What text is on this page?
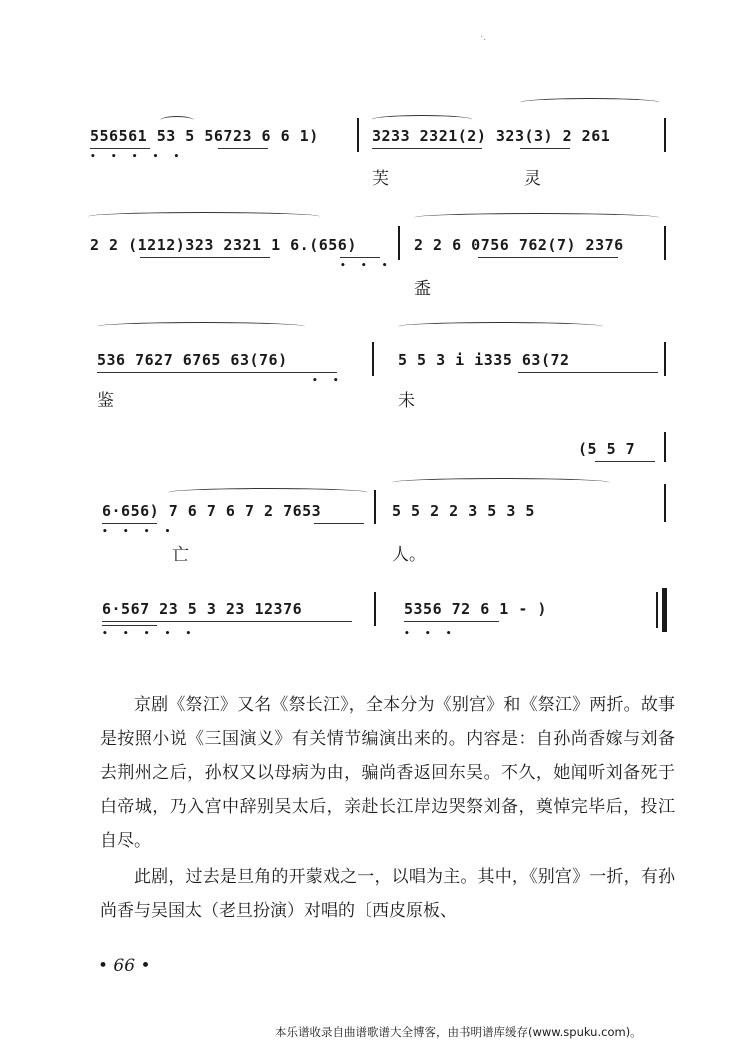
·.
556561 53 5 56723 6 6 1)
• • • • •
3233 2321(2) 323(3) 2 261
芙	灵
2 2 (1212)323 2321 1 6.(656)
• • •
2 2 6 0756 762(7) 2376
盉
536 7627 6765 63(76)
• •
5 5 3 i i335 63(72
鉴	未
(5 5 7
6·656) 7 6 7 6 7 2 7653
• • • •
5 5 2 2 3 5 3 5
亡	人。
6·567 23 5 3 23 12376
• • • • •
5356 72 6 1 - )
• • •

京剧《祭江》又名《祭长江》，全本分为《别宫》和《祭江》两折。故事是按照小说《三国演义》有关情节编演出来的。内容是：自孙尚香嫁与刘备去荆州之后，孙权又以母病为由，骗尚香返回东吴。不久，她闻听刘备死于白帝城，乃入宫中辞别吴太后，亲赴长江岸边哭祭刘备，奠悼完毕后，投江自尽。

此剧，过去是旦角的开蒙戏之一，以唱为主。其中，《别宫》一折，有孙尚香与吴国太（老旦扮演）对唱的〔西皮原板、

• 66 •
本乐谱收录自曲谱歌谱大全博客，由书明谱库缓存(www.spuku.com)。
